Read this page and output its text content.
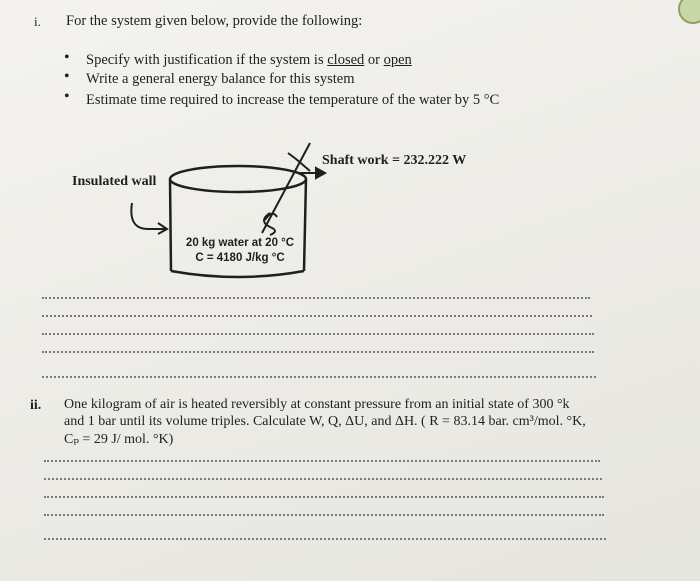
i. For the system given below, provide the following:
• Specify with justification if the system is closed or open
• Write a general energy balance for this system
• Estimate time required to increase the temperature of the water by 5 °C
Shaft work = 232.222 W
Insulated wall
20 kg water at 20 °C
C = 4180 J/kg °C
ii. One kilogram of air is heated reversibly at constant pressure from an initial state of 300 °k
and 1 bar until its volume triples. Calculate W, Q, ΔU, and ΔH. ( R = 83.14 bar. cm³/mol. °K,
Cₚ = 29 J/ mol. °K)
